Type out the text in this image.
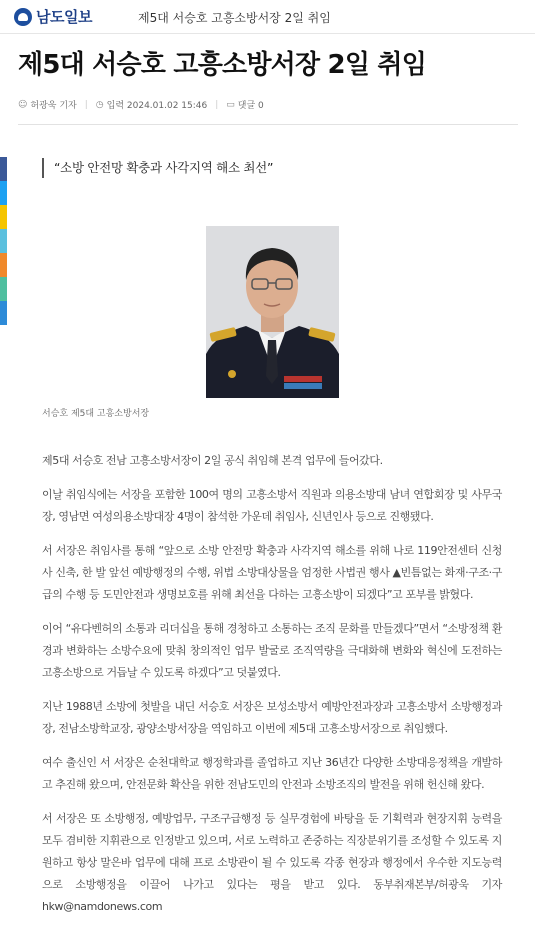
남도일보	제5대 서승호 고흥소방서장 2일 취임
제5대 서승호 고흥소방서장 2일 취임
☺ 허광욱 기자 | ◷ 입력 2024.01.02 15:46 | ▭ 댓글 0
“소방 안전망 확충과 사각지역 해소 최선”
서승호 제5대 고흥소방서장

제5대 서승호 전남 고흥소방서장이 2일 공식 취임해 본격 업무에 들어갔다.

이날 취임식에는 서장을 포함한 100여 명의 고흥소방서 직원과 의용소방대 남녀 연합회장 및 사무국장, 영남면 여성의용소방대장 4명이 참석한 가운데 취임사, 신년인사 등으로 진행됐다.

서 서장은 취임사를 통해 “앞으로 소방 안전망 확충과 사각지역 해소를 위해 나로 119안전센터 신청사 신축, 한 발 앞선 예방행정의 수행, 위법 소방대상물을 엄정한 사법권 행사 ▲빈틈없는 화재·구조·구급의 수행 등 도민안전과 생명보호를 위해 최선을 다하는 고흥소방이 되겠다”고 포부를 밝혔다.

이어 “유다벤허의 소통과 리더십을 통해 경청하고 소통하는 조직 문화를 만들겠다”면서 “소방정책 환경과 변화하는 소방수요에 맞춰 창의적인 업무 발굴로 조직역량을 극대화해 변화와 혁신에 도전하는 고흥소방으로 거듭날 수 있도록 하겠다”고 덧붙였다.

지난 1988년 소방에 첫발을 내딘 서승호 서장은 보성소방서 예방안전과장과 고흥소방서 소방행정과장, 전남소방학교장, 광양소방서장을 역임하고 이번에 제5대 고흥소방서장으로 취임했다.

여수 출신인 서 서장은 순천대학교 행정학과를 졸업하고 지난 36년간 다양한 소방대응정책을 개발하고 추진해 왔으며, 안전문화 확산을 위한 전남도민의 안전과 소방조직의 발전을 위해 헌신해 왔다.

서 서장은 또 소방행정, 예방업무, 구조구급행정 등 실무경험에 바탕을 둔 기획력과 현장지휘 능력을 모두 겸비한 지휘관으로 인정받고 있으며, 서로 노력하고 존중하는 직장분위기를 조성할 수 있도록 지원하고 항상 말은바 업무에 대해 프로 소방관이 될 수 있도록 각종 현장과 행정에서 우수한 지도능력으로 소방행정을 이끌어 나가고 있다는 평을 받고 있다. 동부취재본부/허광욱 기자 hkw@namdonews.com
